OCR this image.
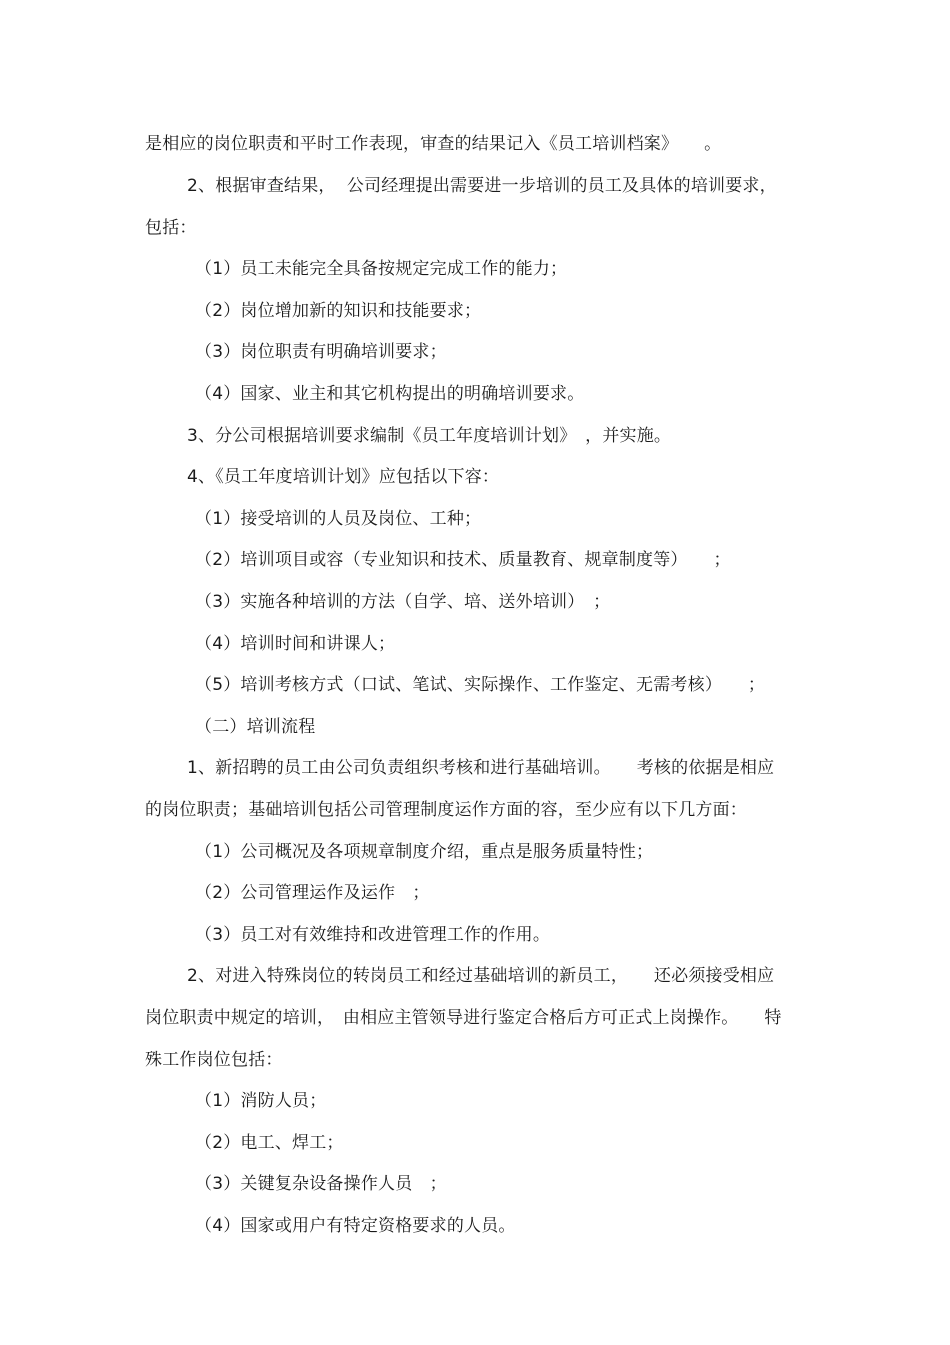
是相应的岗位职责和平时工作表现，审查的结果记入《员工培训档案》　　。
2、根据审查结果，  公司经理提出需要进一步培训的员工及具体的培训要求，
包括：
（1）员工未能完全具备按规定完成工作的能力；
（2）岗位增加新的知识和技能要求；
（3）岗位职责有明确培训要求；
（4）国家、业主和其它机构提出的明确培训要求。
3、分公司根据培训要求编制《员工年度培训计划》　，并实施。
4、《员工年度培训计划》应包括以下容：
（1）接受培训的人员及岗位、工种；
（2）培训项目或容（专业知识和技术、质量教育、规章制度等）　　；
（3）实施各种培训的方法（自学、培、送外培训）　；
（4）培训时间和讲课人；
（5）培训考核方式（口试、笔试、实际操作、工作鉴定、无需考核）　　；
（二）培训流程
1、新招聘的员工由公司负责组织考核和进行基础培训。　　考核的依据是相应
的岗位职责；基础培训包括公司管理制度运作方面的容，至少应有以下几方面：
（1）公司概况及各项规章制度介绍，重点是服务质量特性；
（2）公司管理运作及运作　；
（3）员工对有效维持和改进管理工作的作用。
2、对进入特殊岗位的转岗员工和经过基础培训的新员工，　　还必须接受相应
岗位职责中规定的培训，　由相应主管领导进行鉴定合格后方可正式上岗操作。　　特
殊工作岗位包括：
（1）消防人员；
（2）电工、焊工；
（3）关键复杂设备操作人员　；
（4）国家或用户有特定资格要求的人员。
